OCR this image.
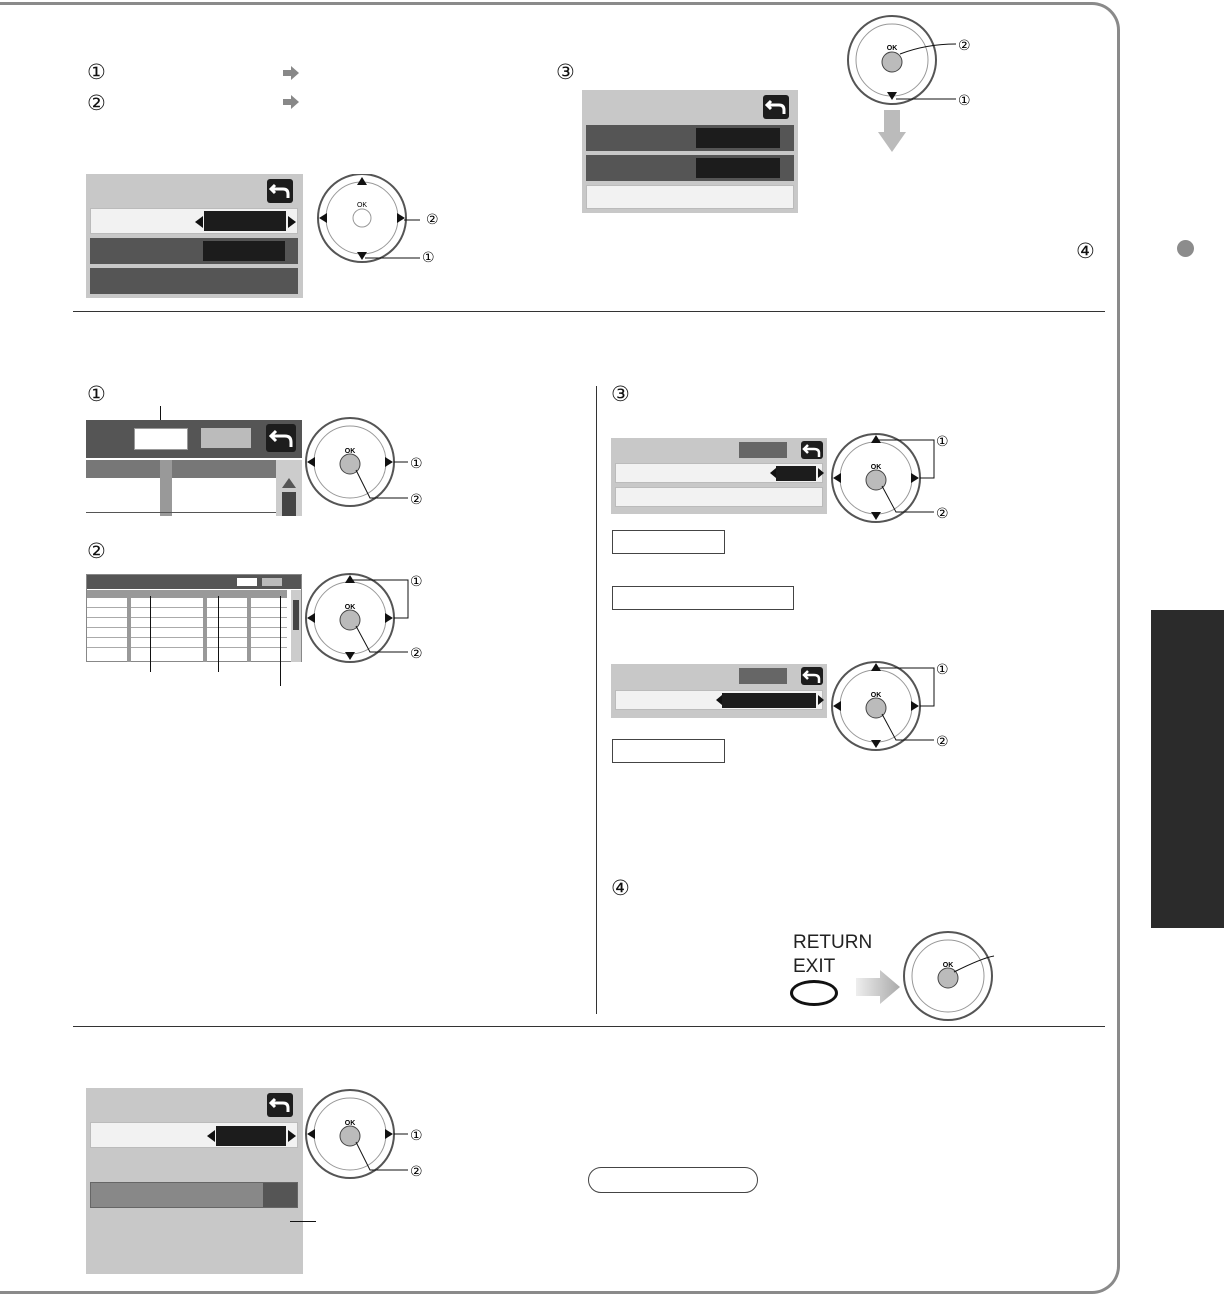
①
②
OK
②
①
③
OK	②
①
④
①
OK
①
②
②
OK
①
②
③
OK
①
②
OK
①
②
④
RETURN
EXIT	OK
OK
①
②
